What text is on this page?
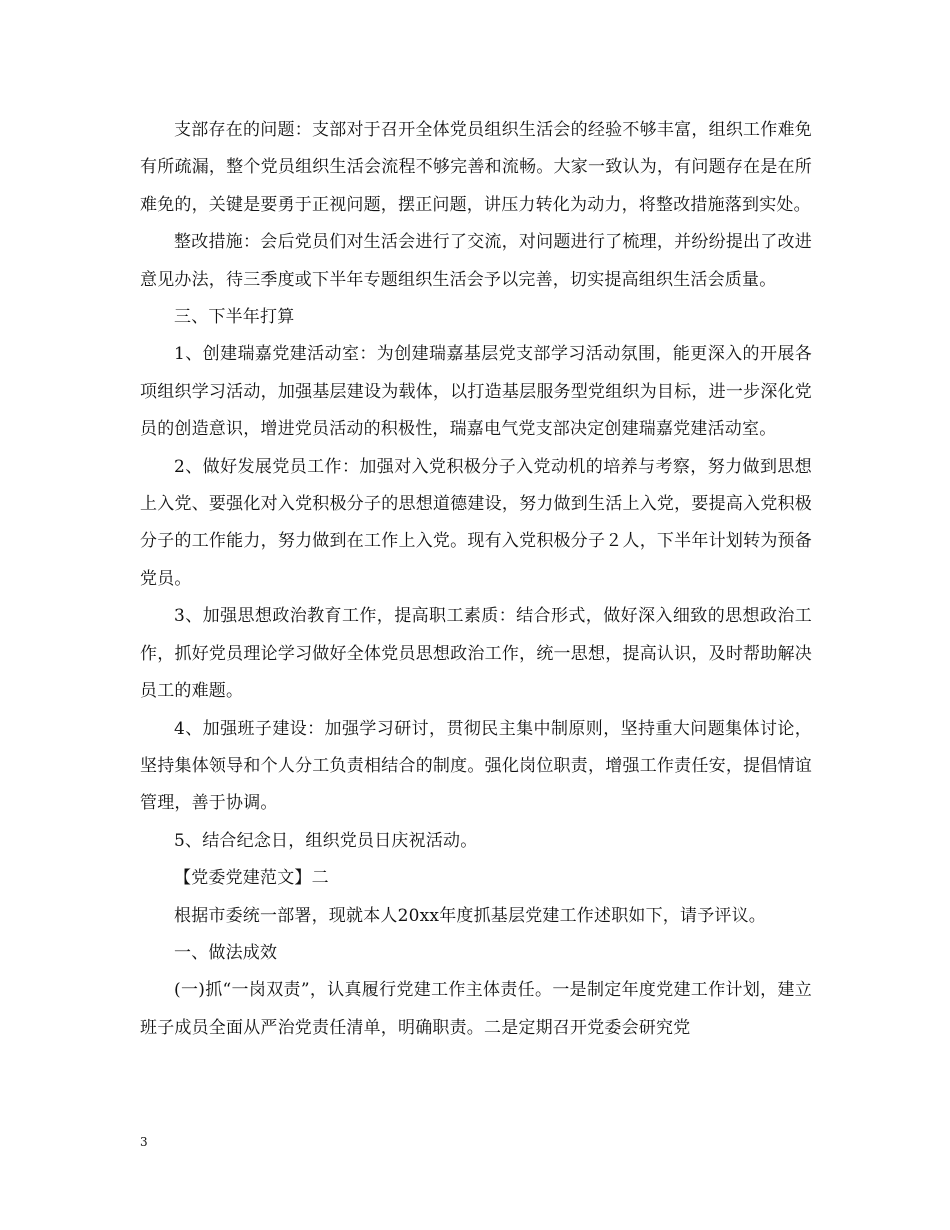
支部存在的问题：支部对于召开全体党员组织生活会的经验不够丰富，组织工作难免有所疏漏，整个党员组织生活会流程不够完善和流畅。大家一致认为，有问题存在是在所难免的，关键是要勇于正视问题，摆正问题，讲压力转化为动力，将整改措施落到实处。

整改措施：会后党员们对生活会进行了交流，对问题进行了梳理，并纷纷提出了改进意见办法，待三季度或下半年专题组织生活会予以完善，切实提高组织生活会质量。

三、下半年打算

1、创建瑞嘉党建活动室：为创建瑞嘉基层党支部学习活动氛围，能更深入的开展各项组织学习活动，加强基层建设为载体，以打造基层服务型党组织为目标，进一步深化党员的创造意识，增进党员活动的积极性，瑞嘉电气党支部决定创建瑞嘉党建活动室。

2、做好发展党员工作：加强对入党积极分子入党动机的培养与考察，努力做到思想上入党、要强化对入党积极分子的思想道德建设，努力做到生活上入党，要提高入党积极分子的工作能力，努力做到在工作上入党。现有入党积极分子２人，下半年计划转为预备党员。

3、加强思想政治教育工作，提高职工素质：结合形式，做好深入细致的思想政治工作，抓好党员理论学习做好全体党员思想政治工作，统一思想，提高认识，及时帮助解决员工的难题。

4、加强班子建设：加强学习研讨，贯彻民主集中制原则，坚持重大问题集体讨论，坚持集体领导和个人分工负责相结合的制度。强化岗位职责，增强工作责任安，提倡情谊管理，善于协调。

5、结合纪念日，组织党员日庆祝活动。

【党委党建范文】二

根据市委统一部署，现就本人20xx年度抓基层党建工作述职如下，请予评议。

一、做法成效

(一)抓“一岗双责”，认真履行党建工作主体责任。一是制定年度党建工作计划，建立班子成员全面从严治党责任清单，明确职责。二是定期召开党委会研究党

3
